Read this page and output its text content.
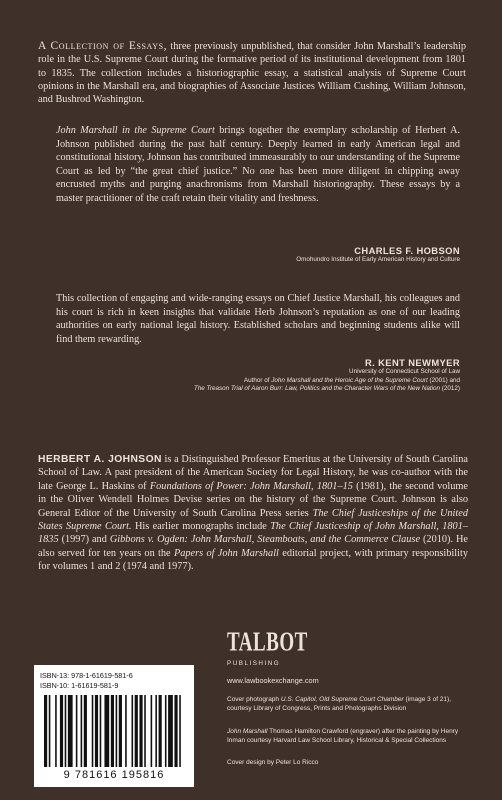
A Collection of Essays, three previously unpublished, that consider John Marshall’s leadership role in the U.S. Supreme Court during the formative period of its institutional development from 1801 to 1835. The collection includes a historiographic essay, a statistical analysis of Supreme Court opinions in the Marshall era, and biographies of Associate Justices William Cushing, William Johnson, and Bushrod Washington.

John Marshall in the Supreme Court brings together the exemplary scholarship of Herbert A. Johnson published during the past half century. Deeply learned in early American legal and constitutional history, Johnson has contributed immeasurably to our understanding of the Supreme Court as led by “the great chief justice.” No one has been more diligent in chipping away encrusted myths and purging anachronisms from Marshall historiography. These essays by a master practitioner of the craft retain their vitality and freshness.

CHARLES F. HOBSON
Omohundro Institute of Early American History and Culture

This collection of engaging and wide-ranging essays on Chief Justice Marshall, his colleagues and his court is rich in keen insights that validate Herb Johnson’s reputation as one of our leading authorities on early national legal history. Established scholars and beginning students alike will find them rewarding.

R. KENT NEWMYER
University of Connecticut School of Law
Author of John Marshall and the Heroic Age of the Supreme Court (2001) and
The Treason Trial of Aaron Burr: Law, Politics and the Character Wars of the New Nation (2012)

HERBERT A. JOHNSON is a Distinguished Professor Emeritus at the University of South Carolina School of Law. A past president of the American Society for Legal History, he was co-author with the late George L. Haskins of Foundations of Power: John Marshall, 1801–15 (1981), the second volume in the Oliver Wendell Holmes Devise series on the history of the Supreme Court. Johnson is also General Editor of the University of South Carolina Press series The Chief Justiceships of the United States Supreme Court. His earlier monographs include The Chief Justiceship of John Marshall, 1801–1835 (1997) and Gibbons v. Ogden: John Marshall, Steamboats, and the Commerce Clause (2010). He also served for ten years on the Papers of John Marshall editorial project, with primary responsibility for volumes 1 and 2 (1974 and 1977).

ISBN-13: 978-1-61619-581-6
ISBN-10: 1-61619-581-9
9 781616 195816
TALBOT
PUBLISHING
www.lawbookexchange.com
Cover photograph U.S. Capitol, Old Supreme Court Chamber (image 3 of 21), courtesy Library of Congress, Prints and Photographs Division
John Marshall Thomas Hamilton Crawford (engraver) after the painting by Henry Inman courtesy Harvard Law School Library, Historical & Special Collections
Cover design by Peter Lo Ricco
